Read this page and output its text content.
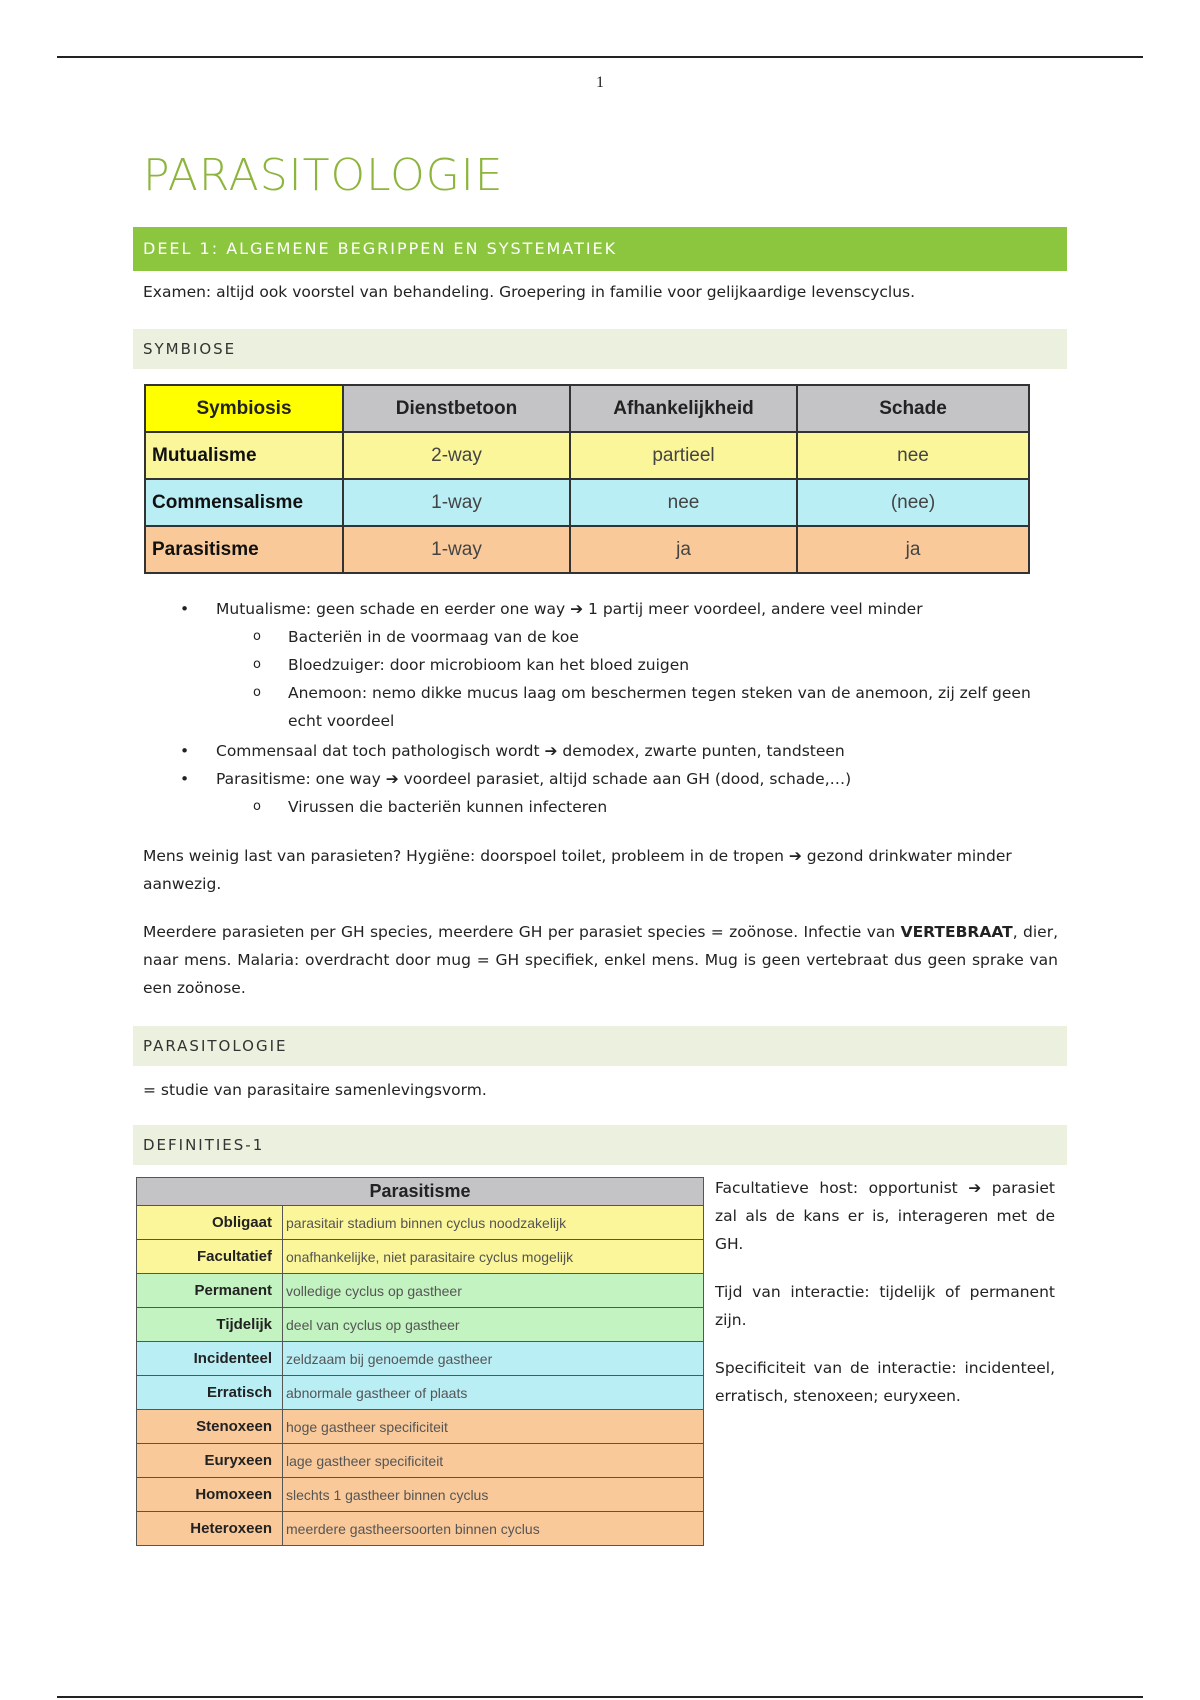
1
PARASITOLOGIE
DEEL 1: ALGEMENE BEGRIPPEN EN SYSTEMATIEK
Examen: altijd ook voorstel van behandeling. Groepering in familie voor gelijkaardige levenscyclus.
SYMBIOSE
Symbiosis	Dienstbetoon	Afhankelijkheid	Schade
Mutualisme	2-way	partieel	nee
Commensalisme	1-way	nee	(nee)
Parasitisme	1-way	ja	ja
• Mutualisme: geen schade en eerder one way ➔ 1 partij meer voordeel, andere veel minder
o Bacteriën in de voormaag van de koe
o Bloedzuiger: door microbioom kan het bloed zuigen
o Anemoon: nemo dikke mucus laag om beschermen tegen steken van de anemoon, zij zelf geen echt voordeel
• Commensaal dat toch pathologisch wordt ➔ demodex, zwarte punten, tandsteen
• Parasitisme: one way ➔ voordeel parasiet, altijd schade aan GH (dood, schade,…)
o Virussen die bacteriën kunnen infecteren
Mens weinig last van parasieten? Hygiëne: doorspoel toilet, probleem in de tropen ➔ gezond drinkwater minder aanwezig.
Meerdere parasieten per GH species, meerdere GH per parasiet species = zoönose. Infectie van VERTEBRAAT, dier, naar mens. Malaria: overdracht door mug = GH specifiek, enkel mens. Mug is geen vertebraat dus geen sprake van een zoönose.
PARASITOLOGIE
= studie van parasitaire samenlevingsvorm.
DEFINITIES-1
Parasitisme	
Obligaat	parasitair stadium binnen cyclus noodzakelijk
Facultatief	onafhankelijke, niet parasitaire cyclus mogelijk
Permanent	volledige cyclus op gastheer
Tijdelijk	deel van cyclus op gastheer
Incidenteel	zeldzaam bij genoemde gastheer
Erratisch	abnormale gastheer of plaats
Stenoxeen	hoge gastheer specificiteit
Euryxeen	lage gastheer specificiteit
Homoxeen	slechts 1 gastheer binnen cyclus
Heteroxeen	meerdere gastheersoorten binnen cyclus
Facultatieve host: opportunist ➔ parasiet zal als de kans er is, interageren met de GH.
Tijd van interactie: tijdelijk of permanent zijn.
Specificiteit van de interactie: incidenteel, erratisch, stenoxeen; euryxeen.
